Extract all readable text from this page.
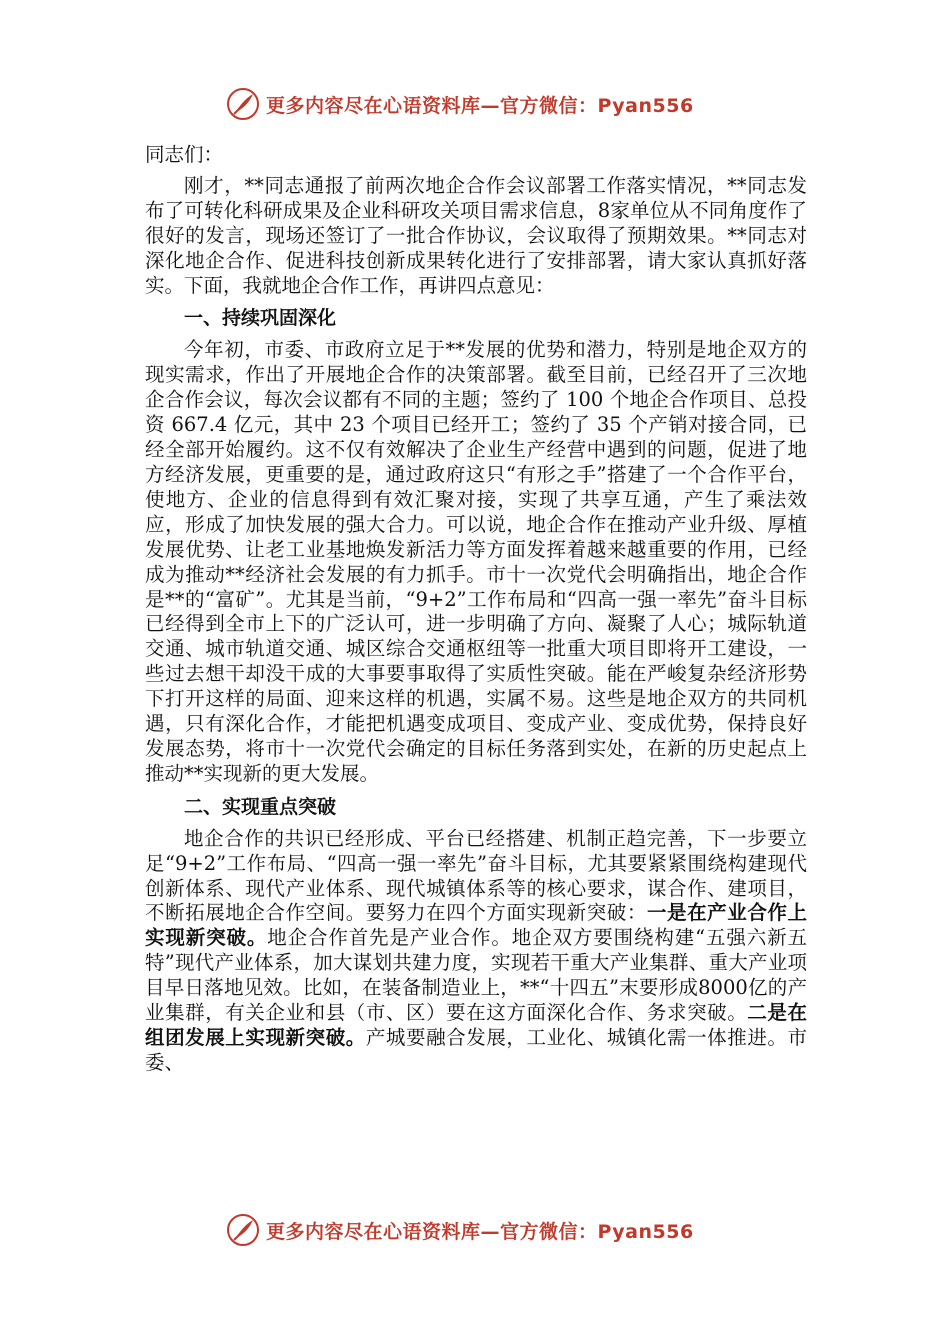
更多内容尽在心语资料库—官方微信：Pyan556

同志们：

刚才，**同志通报了前两次地企合作会议部署工作落实情况，**同志发布了可转化科研成果及企业科研攻关项目需求信息，8家单位从不同角度作了很好的发言，现场还签订了一批合作协议，会议取得了预期效果。**同志对深化地企合作、促进科技创新成果转化进行了安排部署，请大家认真抓好落实。下面，我就地企合作工作，再讲四点意见：

一、持续巩固深化

今年初，市委、市政府立足于**发展的优势和潜力，特别是地企双方的现实需求，作出了开展地企合作的决策部署。截至目前，已经召开了三次地企合作会议，每次会议都有不同的主题；签约了 100 个地企合作项目、总投资 667.4 亿元，其中 23 个项目已经开工；签约了 35 个产销对接合同，已经全部开始履约。这不仅有效解决了企业生产经营中遇到的问题，促进了地方经济发展，更重要的是，通过政府这只“有形之手”搭建了一个合作平台，使地方、企业的信息得到有效汇聚对接，实现了共享互通，产生了乘法效应，形成了加快发展的强大合力。可以说，地企合作在推动产业升级、厚植发展优势、让老工业基地焕发新活力等方面发挥着越来越重要的作用，已经成为推动**经济社会发展的有力抓手。市十一次党代会明确指出，地企合作是**的“富矿”。尤其是当前，“9+2”工作布局和“四高一强一率先”奋斗目标已经得到全市上下的广泛认可，进一步明确了方向、凝聚了人心；城际轨道交通、城市轨道交通、城区综合交通枢纽等一批重大项目即将开工建设，一些过去想干却没干成的大事要事取得了实质性突破。能在严峻复杂经济形势下打开这样的局面、迎来这样的机遇，实属不易。这些是地企双方的共同机遇，只有深化合作，才能把机遇变成项目、变成产业、变成优势，保持良好发展态势，将市十一次党代会确定的目标任务落到实处，在新的历史起点上推动**实现新的更大发展。

二、实现重点突破

地企合作的共识已经形成、平台已经搭建、机制正趋完善，下一步要立足“9+2”工作布局、“四高一强一率先”奋斗目标，尤其要紧紧围绕构建现代创新体系、现代产业体系、现代城镇体系等的核心要求，谋合作、建项目，不断拓展地企合作空间。要努力在四个方面实现新突破：一是在产业合作上实现新突破。地企合作首先是产业合作。地企双方要围绕构建“五强六新五特”现代产业体系，加大谋划共建力度，实现若干重大产业集群、重大产业项目早日落地见效。比如，在装备制造业上，**“十四五”末要形成8000亿的产业集群，有关企业和县（市、区）要在这方面深化合作、务求突破。二是在组团发展上实现新突破。产城要融合发展，工业化、城镇化需一体推进。市委、

更多内容尽在心语资料库—官方微信：Pyan556
